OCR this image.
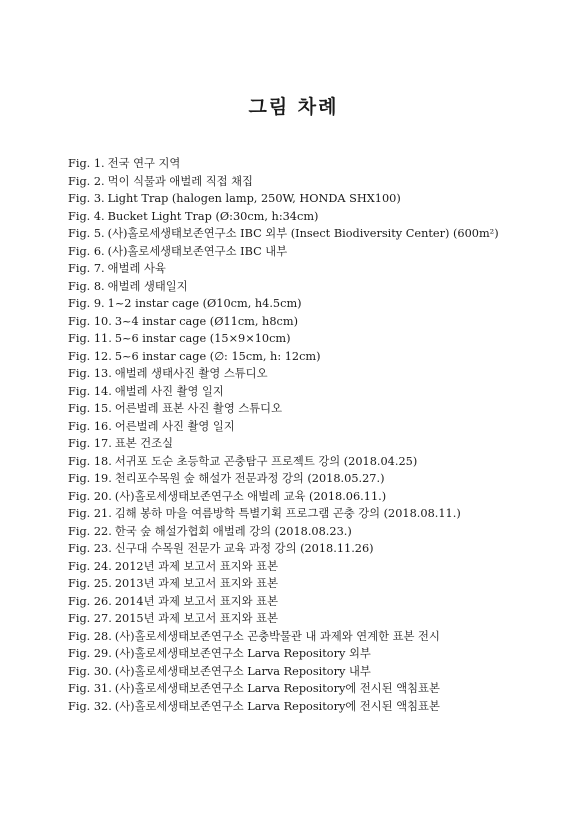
그림 차례
Fig. 1. 전국 연구 지역
Fig. 2. 먹이 식물과 애벌레 직접 채집
Fig. 3. Light Trap (halogen lamp, 250W, HONDA SHX100)
Fig. 4. Bucket Light Trap (Ø:30cm, h:34cm)
Fig. 5. (사)홀로세생태보존연구소 IBC 외부 (Insect Biodiversity Center) (600m²)
Fig. 6. (사)홀로세생태보존연구소 IBC 내부
Fig. 7. 애벌레 사육
Fig. 8. 애벌레 생태일지
Fig. 9. 1~2 instar cage (Ø10cm, h4.5cm)
Fig. 10. 3~4 instar cage (Ø11cm, h8cm)
Fig. 11. 5~6 instar cage (15×9×10cm)
Fig. 12. 5~6 instar cage (∅: 15cm, h: 12cm)
Fig. 13. 애벌레 생태사진 촬영 스튜디오
Fig. 14. 애벌레 사진 촬영 일지
Fig. 15. 어른벌레 표본 사진 촬영 스튜디오
Fig. 16. 어른벌레 사진 촬영 일지
Fig. 17. 표본 건조실
Fig. 18. 서귀포 도순 초등학교 곤충탐구 프로젝트 강의 (2018.04.25)
Fig. 19. 천리포수목원 숲 해설가 전문과정 강의 (2018.05.27.)
Fig. 20. (사)홀로세생태보존연구소 애벌레 교육 (2018.06.11.)
Fig. 21. 김해 봉하 마을 여름방학 특별기획 프로그램 곤충 강의 (2018.08.11.)
Fig. 22. 한국 숲 해설가협회 애벌레 강의 (2018.08.23.)
Fig. 23. 신구대 수목원 전문가 교육 과정 강의 (2018.11.26)
Fig. 24. 2012년 과제 보고서 표지와 표본
Fig. 25. 2013년 과제 보고서 표지와 표본
Fig. 26. 2014년 과제 보고서 표지와 표본
Fig. 27. 2015년 과제 보고서 표지와 표본
Fig. 28. (사)홀로세생태보존연구소 곤충박물관 내 과제와 연계한 표본 전시
Fig. 29. (사)홀로세생태보존연구소 Larva Repository 외부
Fig. 30. (사)홀로세생태보존연구소 Larva Repository 내부
Fig. 31. (사)홀로세생태보존연구소 Larva Repository에 전시된 액침표본
Fig. 32. (사)홀로세생태보존연구소 Larva Repository에 전시된 액침표본
